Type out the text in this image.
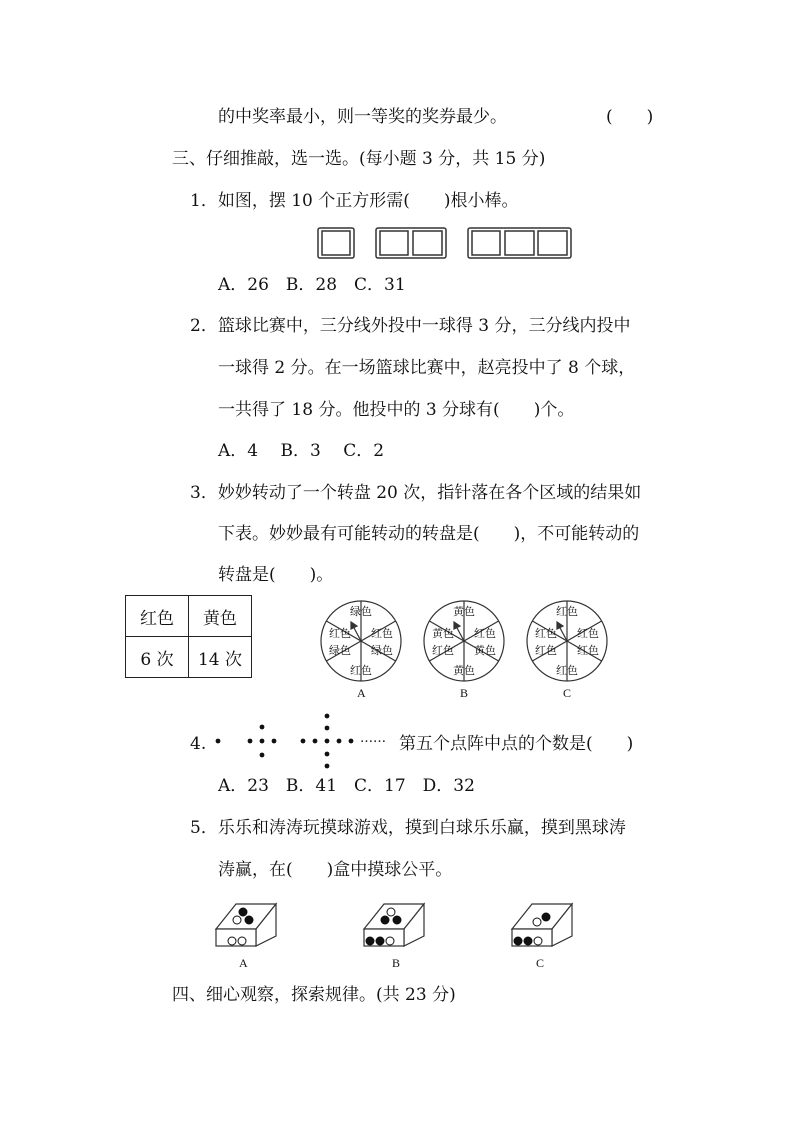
的中奖率最小，则一等奖的奖券最少。	(　　)
三、仔细推敲，选一选。(每小题 3 分，共 15 分)
1．如图，摆 10 个正方形需(　　)根小棒。
A．26　B．28　C．31
2．篮球比赛中，三分线外投中一球得 3 分，三分线内投中
一球得 2 分。在一场篮球比赛中，赵亮投中了 8 个球，
一共得了 18 分。他投中的 3 分球有(　　)个。
A．4　 B．3　 C．2
3．妙妙转动了一个转盘 20 次，指针落在各个区域的结果如
下表。妙妙最有可能转动的转盘是(　　)，不可能转动的
转盘是(　　)。
红色	黄色
6 次	14 次
绿色
红色
绿色
红色
绿色
红色
A
黄色
红色
黄色
黄色
红色
黄色
B
红色
红色
红色
红色
红色
红色
C
4.	…… 第五个点阵中点的个数是(　　)
A．23　B．41　C．17　D．32
5．乐乐和涛涛玩摸球游戏，摸到白球乐乐赢，摸到黑球涛
涛赢，在(　　)盒中摸球公平。
A	B	C
四、细心观察，探索规律。(共 23 分)
